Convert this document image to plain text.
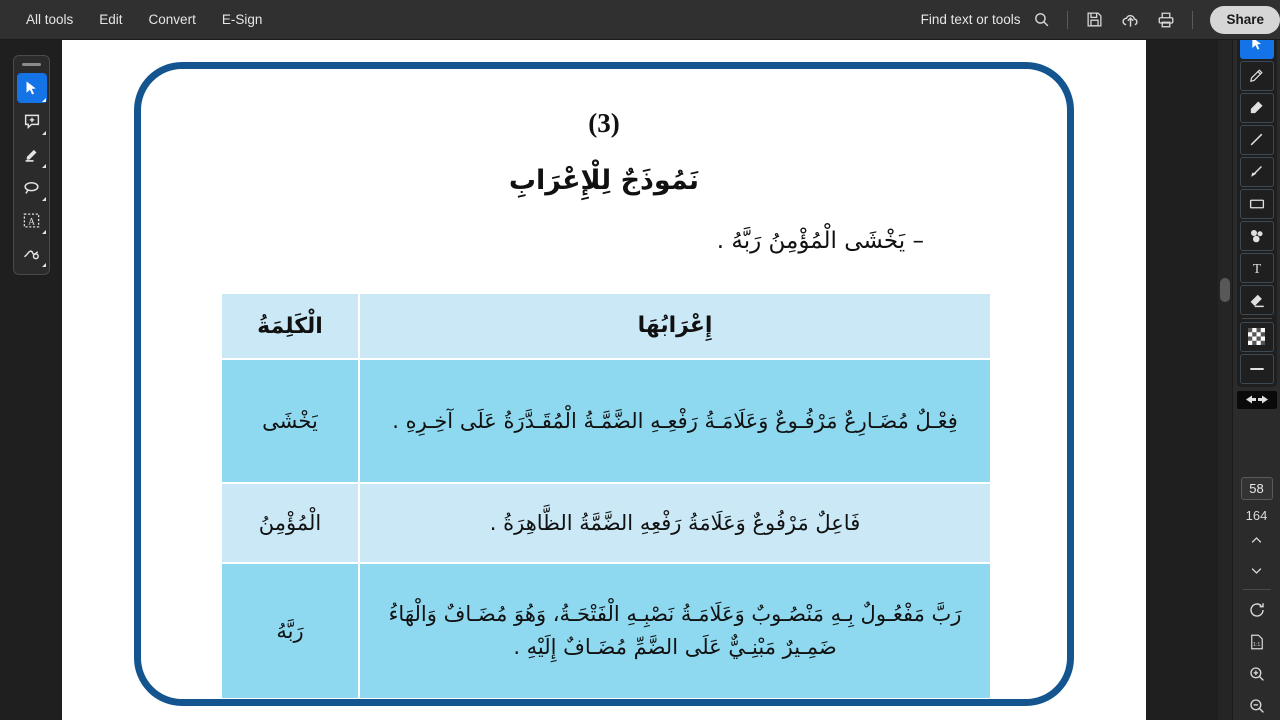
All tools	Edit	Convert	E-Sign	Find text or tools	Share
A
(3)
نَمُوذَجٌ لِلْإِعْرَابِ
– يَخْشَى الْمُؤْمِنُ رَبَّهُ .
إِعْرَابُهَا	الْكَلِمَةُ
فِعْـلٌ مُضَـارِعٌ مَرْفُـوعٌ وَعَلَامَـةُ رَفْعِـهِ الضَّمَّـةُ الْمُقَـدَّرَةُ عَلَى آخِـرِهِ .	يَخْشَى
فَاعِلٌ مَرْفُوعٌ وَعَلَامَةُ رَفْعِهِ الضَّمَّةُ الظَّاهِرَةُ .	الْمُؤْمِنُ
رَبَّ مَفْعُـولٌ بِـهِ مَنْصُـوبٌ وَعَلَامَـةُ نَصْبِـهِ الْفَتْحَـةُ، وَهُوَ مُضَـافٌ وَالْهَاءُ ضَمِـيرٌ مَبْنِـيٌّ عَلَى الضَّمِّ مُضَـافٌ إِلَيْهِ .	رَبَّهُ
T
58
164
1:1
